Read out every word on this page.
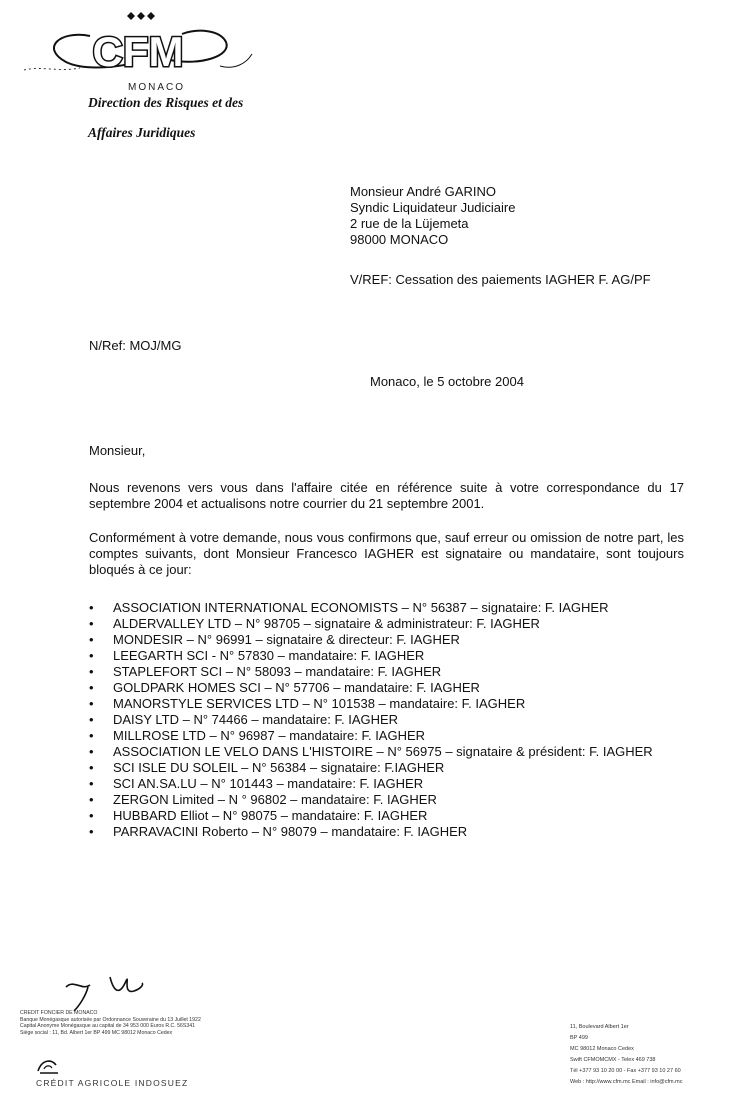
CFM
MONACO
Direction des Risques et des
Affaires Juridiques
Monsieur André GARINO
Syndic Liquidateur Judiciaire
2 rue de la Lüjemeta
98000 MONACO
V/REF: Cessation des paiements IAGHER F. AG/PF
N/Ref: MOJ/MG
Monaco, le 5 octobre 2004
Monsieur,
Nous revenons vers vous dans l'affaire citée en référence suite à votre correspondance du 17 septembre 2004 et actualisons notre courrier du 21 septembre 2001.
Conformément à votre demande, nous vous confirmons que, sauf erreur ou omission de notre part, les comptes suivants, dont Monsieur Francesco IAGHER est signataire ou mandataire, sont toujours bloqués à ce jour:
• ASSOCIATION INTERNATIONAL ECONOMISTS – N° 56387 – signataire: F. IAGHER
• ALDERVALLEY LTD – N° 98705 – signataire & administrateur: F. IAGHER
• MONDESIR – N° 96991 – signataire & directeur: F. IAGHER
• LEEGARTH SCI - N° 57830 – mandataire: F. IAGHER
• STAPLEFORT SCI – N° 58093 – mandataire: F. IAGHER
• GOLDPARK HOMES SCI – N° 57706 – mandataire: F. IAGHER
• MANORSTYLE SERVICES LTD – N° 101538 – mandataire: F. IAGHER
• DAISY LTD – N° 74466 – mandataire: F. IAGHER
• MILLROSE LTD – N° 96987 – mandataire: F. IAGHER
• ASSOCIATION LE VELO DANS L'HISTOIRE – N° 56975 – signataire & président: F. IAGHER
• SCI ISLE DU SOLEIL – N° 56384 – signataire: F.IAGHER
• SCI AN.SA.LU – N° 101443 – mandataire: F. IAGHER
• ZERGON Limited – N ° 96802 – mandataire: F. IAGHER
• HUBBARD Elliot – N° 98075 – mandataire: F. IAGHER
• PARRAVACINI Roberto – N° 98079 – mandataire: F. IAGHER
CREDIT FONCIER DE MONACO
Banque Monégasque autorisée par Ordonnance Souveraine du 13 Juillet 1922
Capital Anonyme Monégasque au capital de 34 953 000 Euros R.C. 56S341
Siège social : 11, Bd. Albert 1er BP 499 MC 98012 Monaco Cedex
CRÉDIT AGRICOLE INDOSUEZ
11, Boulevard Albert 1er
BP 499
MC 98012 Monaco Cedex
Swift CFMOMCMX - Telex 469 738
Tél +377 93 10 20 00 - Fax +377 93 10 27 60
Web : http://www.cfm.mc Email : info@cfm.mc
